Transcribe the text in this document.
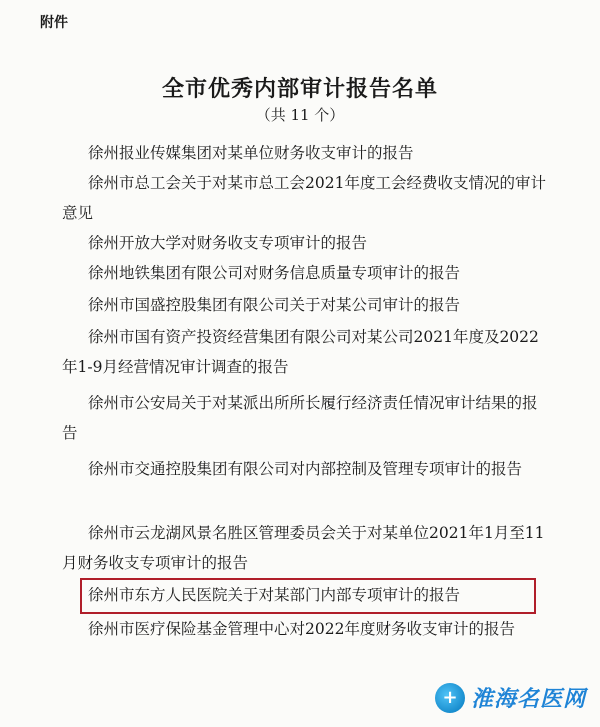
附件
全市优秀内部审计报告名单
（共 11 个）
徐州报业传媒集团对某单位财务收支审计的报告
徐州市总工会关于对某市总工会2021年度工会经费收支情况的审计意见
徐州开放大学对财务收支专项审计的报告
徐州地铁集团有限公司对财务信息质量专项审计的报告
徐州市国盛控股集团有限公司关于对某公司审计的报告
徐州市国有资产投资经营集团有限公司对某公司2021年度及2022年1-9月经营情况审计调查的报告
徐州市公安局关于对某派出所所长履行经济责任情况审计结果的报告
徐州市交通控股集团有限公司对内部控制及管理专项审计的报告
徐州市云龙湖风景名胜区管理委员会关于对某单位2021年1月至11月财务收支专项审计的报告
徐州市东方人民医院关于对某部门内部专项审计的报告
徐州市医疗保险基金管理中心对2022年度财务收支审计的报告
+ 淮海名医网
